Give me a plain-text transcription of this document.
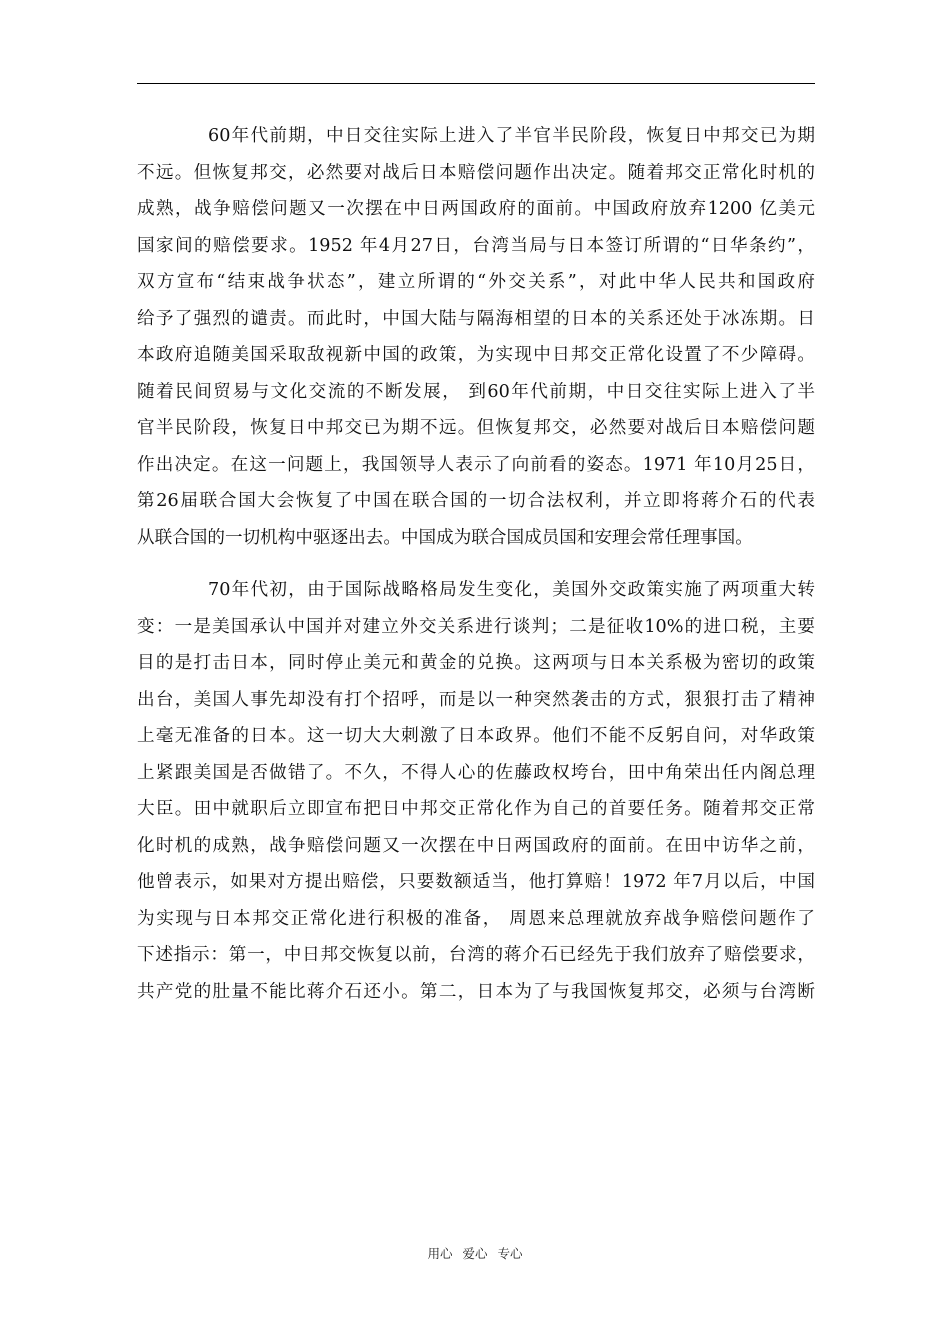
60年代前期，中日交往实际上进入了半官半民阶段，恢复日中邦交已为期
不远。但恢复邦交，必然要对战后日本赔偿问题作出决定。随着邦交正常化时机的
成熟，战争赔偿问题又一次摆在中日两国政府的面前。中国政府放弃1200 亿美元
国家间的赔偿要求。1952 年4月27日，台湾当局与日本签订所谓的“日华条约”，
双方宣布“结束战争状态”，建立所谓的“外交关系”，对此中华人民共和国政府
给予了强烈的谴责。而此时，中国大陆与隔海相望的日本的关系还处于冰冻期。日
本政府追随美国采取敌视新中国的政策，为实现中日邦交正常化设置了不少障碍。
随着民间贸易与文化交流的不断发展， 到60年代前期，中日交往实际上进入了半
官半民阶段，恢复日中邦交已为期不远。但恢复邦交，必然要对战后日本赔偿问题
作出决定。在这一问题上，我国领导人表示了向前看的姿态。1971 年10月25日，
第26届联合国大会恢复了中国在联合国的一切合法权利，并立即将蒋介石的代表
从联合国的一切机构中驱逐出去。中国成为联合国成员国和安理会常任理事国。
70年代初，由于国际战略格局发生变化，美国外交政策实施了两项重大转
变：一是美国承认中国并对建立外交关系进行谈判；二是征收10%的进口税，主要
目的是打击日本，同时停止美元和黄金的兑换。这两项与日本关系极为密切的政策
出台，美国人事先却没有打个招呼，而是以一种突然袭击的方式，狠狠打击了精神
上毫无准备的日本。这一切大大刺激了日本政界。他们不能不反躬自问，对华政策
上紧跟美国是否做错了。不久，不得人心的佐藤政权垮台，田中角荣出任内阁总理
大臣。田中就职后立即宣布把日中邦交正常化作为自己的首要任务。随着邦交正常
化时机的成熟，战争赔偿问题又一次摆在中日两国政府的面前。在田中访华之前，
他曾表示，如果对方提出赔偿，只要数额适当，他打算赔！1972 年7月以后，中国
为实现与日本邦交正常化进行积极的准备， 周恩来总理就放弃战争赔偿问题作了
下述指示：第一，中日邦交恢复以前，台湾的蒋介石已经先于我们放弃了赔偿要求，
共产党的肚量不能比蒋介石还小。第二，日本为了与我国恢复邦交，必须与台湾断
用心 爱心 专心
